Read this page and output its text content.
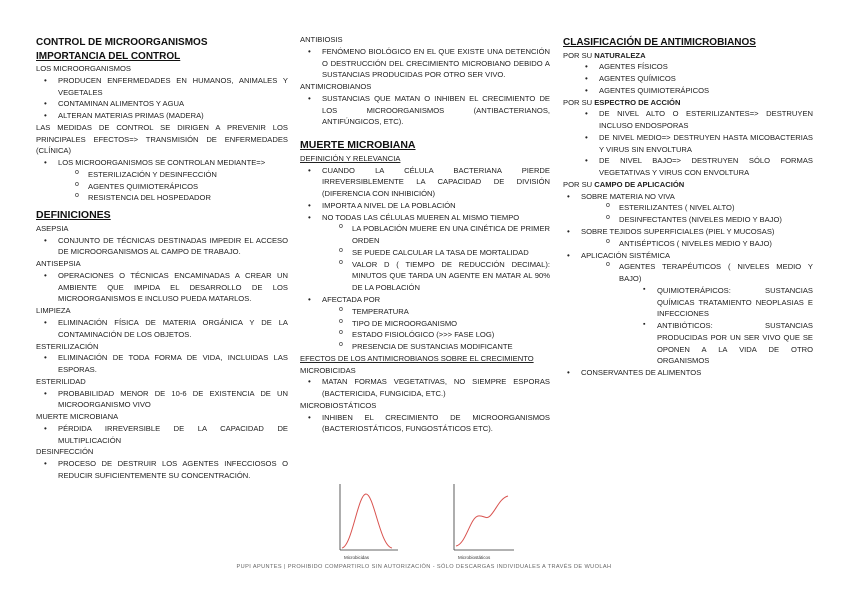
CONTROL DE MICROORGANISMOS
IMPORTANCIA DEL CONTROL

LOS MICROORGANISMOS

• PRODUCEN ENFERMEDADES EN HUMANOS, ANIMALES Y VEGETALES
• CONTAMINAN ALIMENTOS Y AGUA
• ALTERAN MATERIAS PRIMAS (MADERA)

LAS MEDIDAS DE CONTROL SE DIRIGEN A PREVENIR LOS PRINCIPALES EFECTOS=> TRANSMISIÓN DE ENFERMEDADES (CLÍNICA)

• LOS MICROORGANISMOS SE CONTROLAN MEDIANTE=>
o ESTERILIZACIÓN Y DESINFECCIÓN
o AGENTES QUIMIOTERÁPICOS
o RESISTENCIA DEL HOSPEDADOR
DEFINICIONES
ASEPSIA
• CONJUNTO DE TÉCNICAS DESTINADAS IMPEDIR EL ACCESO DE MICROORGANISMOS AL CAMPO DE TRABAJO.
ANTISEPSIA
• OPERACIONES O TÉCNICAS ENCAMINADAS A CREAR UN AMBIENTE QUE IMPIDA EL DESARROLLO DE LOS MICROORGANISMOS E INCLUSO PUEDA MATARLOS.
LIMPIEZA
• ELIMINACIÓN FÍSICA DE MATERIA ORGÁNICA Y DE LA CONTAMINACIÓN DE LOS OBJETOS.
ESTERILIZACIÓN
• ELIMINACIÓN DE TODA FORMA DE VIDA, INCLUIDAS LAS ESPORAS.
ESTERILIDAD
• PROBABILIDAD MENOR DE 10-6 DE EXISTENCIA DE UN MICROORGANISMO VIVO
MUERTE MICROBIANA
• PÉRDIDA IRREVERSIBLE DE LA CAPACIDAD DE MULTIPLICACIÓN
DESINFECCIÓN
• PROCESO DE DESTRUIR LOS AGENTES INFECCIOSOS O REDUCIR SUFICIENTEMENTE SU CONCENTRACIÓN.
ANTIBIOSIS
• FENÓMENO BIOLÓGICO EN EL QUE EXISTE UNA DETENCIÓN O DESTRUCCIÓN DEL CRECIMIENTO MICROBIANO DEBIDO A SUSTANCIAS PRODUCIDAS POR OTRO SER VIVO.
ANTIMICROBIANOS
• SUSTANCIAS QUE MATAN O INHIBEN EL CRECIMIENTO DE LOS MICROORGANISMOS (ANTIBACTERIANOS, ANTIFÚNGICOS, ETC).
MUERTE MICROBIANA
DEFINICIÓN Y RELEVANCIA
• CUANDO LA CÉLULA BACTERIANA PIERDE IRREVERSIBLEMENTE LA CAPACIDAD DE DIVISIÓN (DIFERENCIA CON INHIBICIÓN)
• IMPORTA A NIVEL DE LA POBLACIÓN
• NO TODAS LAS CÉLULAS MUEREN AL MISMO TIEMPO
o LA POBLACIÓN MUERE EN UNA CINÉTICA DE PRIMER ORDEN
o SE PUEDE CALCULAR LA TASA DE MORTALIDAD
o VALOR D ( TIEMPO DE REDUCCIÓN DECIMAL): MINUTOS QUE TARDA UN AGENTE EN MATAR AL 90% DE LA POBLACIÓN
• AFECTADA POR
o TEMPERATURA
o TIPO DE MICROORGANISMO
o ESTADO FISIOLÓGICO (>>> FASE LOG)
o PRESENCIA DE SUSTANCIAS MODIFICANTE
EFECTOS DE LOS ANTIMICROBIANOS SOBRE EL CRECIMIENTO
MICROBICIDAS
• MATAN FORMAS VEGETATIVAS, NO SIEMPRE ESPORAS (BACTERICIDA, FUNGICIDA, ETC.)
MICROBIOSTÁTICOS
• INHIBEN EL CRECIMIENTO DE MICROORGANISMOS (BACTERIOSTÁTICOS, FUNGOSTÁTICOS ETC).
Microbicidas	Microbiostáticos
CLASIFICACIÓN DE ANTIMICROBIANOS
POR SU NATURALEZA
• AGENTES FÍSICOS
• AGENTES QUÍMICOS
• AGENTES QUIMIOTERÁPICOS
POR SU ESPECTRO DE ACCIÓN
• DE NIVEL ALTO O ESTERILIZANTES=> DESTRUYEN INCLUSO ENDOSPORAS
• DE NIVEL MEDIO=> DESTRUYEN HASTA MICOBACTERIAS Y VIRUS SIN ENVOLTURA
• DE NIVEL BAJO=> DESTRUYEN SÓLO FORMAS VEGETATIVAS Y VIRUS CON ENVOLTURA
POR SU CAMPO DE APLICACIÓN
• SOBRE MATERIA NO VIVA
o ESTERILIZANTES ( NIVEL ALTO)
o DESINFECTANTES (NIVELES MEDIO Y BAJO)
• SOBRE TEJIDOS SUPERFICIALES (PIEL Y MUCOSAS)
o ANTISÉPTICOS ( NIVELES MEDIO Y BAJO)
• APLICACIÓN SISTÉMICA
o AGENTES TERAPÉUTICOS ( NIVELES MEDIO Y BAJO)
▪ QUIMIOTERÁPICOS: SUSTANCIAS QUÍMICAS TRATAMIENTO NEOPLASIAS E INFECCIONES
▪ ANTIBIÓTICOS: SUSTANCIAS PRODUCIDAS POR UN SER VIVO QUE SE OPONEN A LA VIDA DE OTRO ORGANISMOS
• CONSERVANTES DE ALIMENTOS
PUPI APUNTES | PROHIBIDO COMPARTIRLO SIN AUTORIZACIÓN - SÓLO DESCARGAS INDIVIDUALES A TRAVÉS DE WUOLAH
